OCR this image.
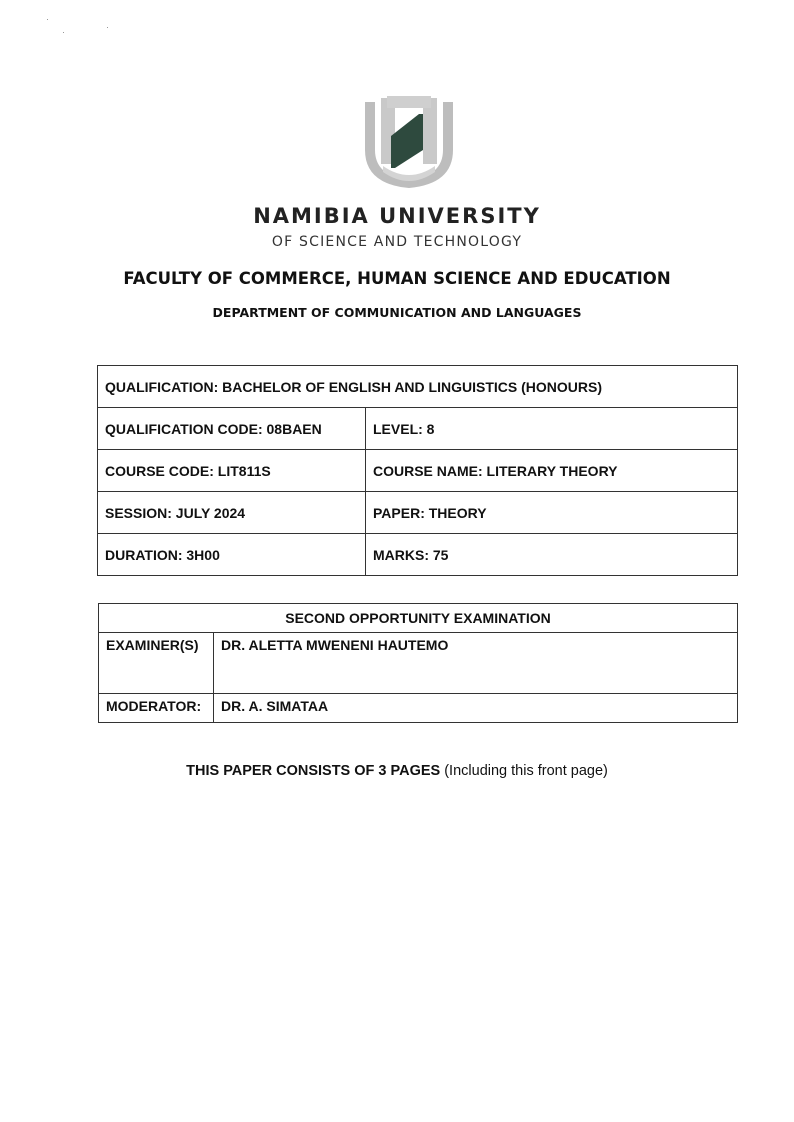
·
·	·
NAMIBIA UNIVERSITY
OF SCIENCE AND TECHNOLOGY
FACULTY OF COMMERCE, HUMAN SCIENCE AND EDUCATION
DEPARTMENT OF COMMUNICATION AND LANGUAGES
QUALIFICATION: BACHELOR OF ENGLISH AND LINGUISTICS (HONOURS)	
QUALIFICATION CODE: 08BAEN	LEVEL: 8
COURSE CODE: LIT811S	COURSE NAME: LITERARY THEORY
SESSION: JULY 2024	PAPER: THEORY
DURATION: 3H00	MARKS: 75
SECOND OPPORTUNITY EXAMINATION	
EXAMINER(S)	DR. ALETTA MWENENI HAUTEMO
MODERATOR:	DR. A. SIMATAA
THIS PAPER CONSISTS OF 3 PAGES (Including this front page)
